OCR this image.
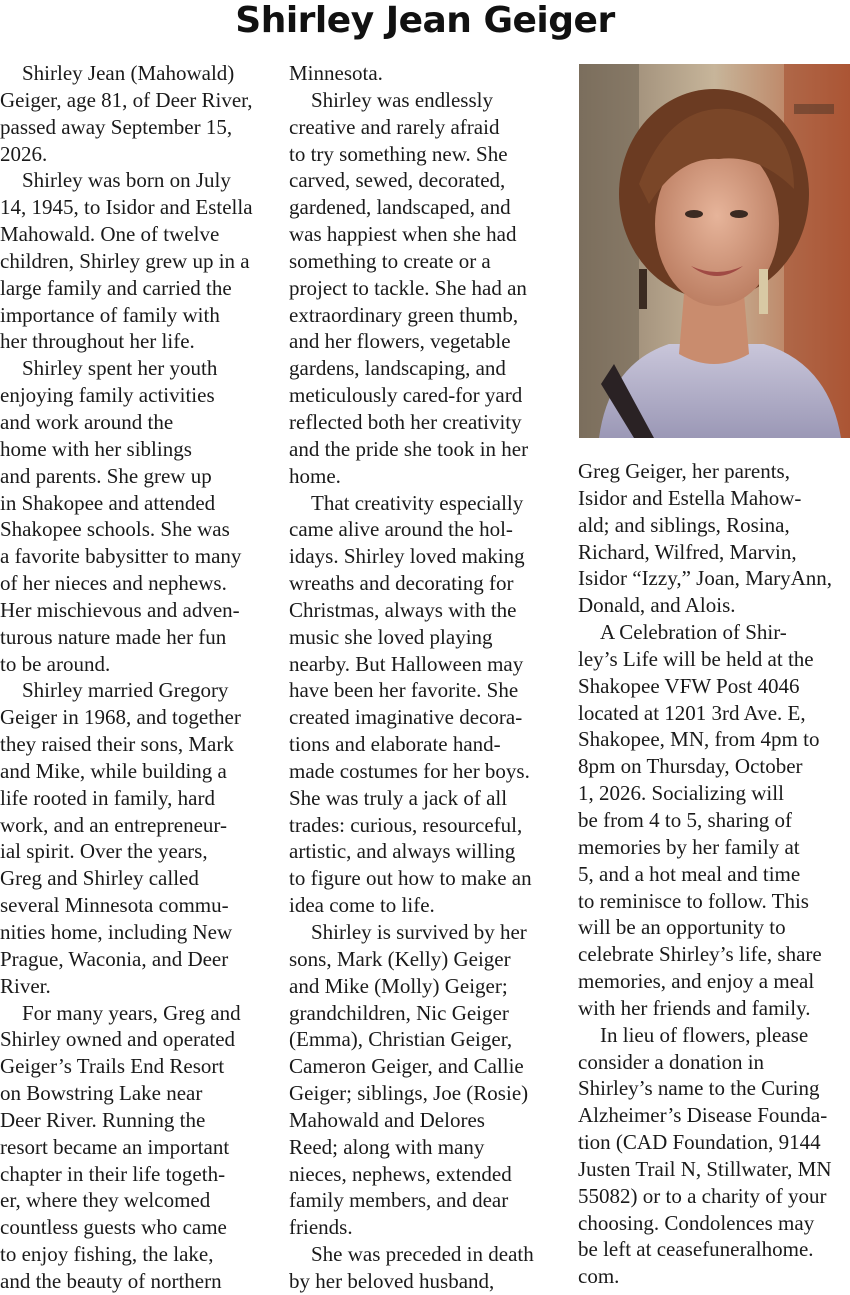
Shirley Jean Geiger
Shirley Jean (Mahowald)
Geiger, age 81, of Deer River,
passed away September 15,
2026.
Shirley was born on July
14, 1945, to Isidor and Estella
Mahowald. One of twelve
children, Shirley grew up in a
large family and carried the
importance of family with
her throughout her life.
Shirley spent her youth
enjoying family activities
and work around the
home with her siblings
and parents. She grew up
in Shakopee and attended
Shakopee schools. She was
a favorite babysitter to many
of her nieces and nephews.
Her mischievous and adven-
turous nature made her fun
to be around.
Shirley married Gregory
Geiger in 1968, and together
they raised their sons, Mark
and Mike, while building a
life rooted in family, hard
work, and an entrepreneur-
ial spirit. Over the years,
Greg and Shirley called
several Minnesota commu-
nities home, including New
Prague, Waconia, and Deer
River.
For many years, Greg and
Shirley owned and operated
Geiger’s Trails End Resort
on Bowstring Lake near
Deer River. Running the
resort became an important
chapter in their life togeth-
er, where they welcomed
countless guests who came
to enjoy fishing, the lake,
and the beauty of northern
Minnesota.
Shirley was endlessly
creative and rarely afraid
to try something new. She
carved, sewed, decorated,
gardened, landscaped, and
was happiest when she had
something to create or a
project to tackle. She had an
extraordinary green thumb,
and her flowers, vegetable
gardens, landscaping, and
meticulously cared-for yard
reflected both her creativity
and the pride she took in her
home.
That creativity especially
came alive around the hol-
idays. Shirley loved making
wreaths and decorating for
Christmas, always with the
music she loved playing
nearby. But Halloween may
have been her favorite. She
created imaginative decora-
tions and elaborate hand-
made costumes for her boys.
She was truly a jack of all
trades: curious, resourceful,
artistic, and always willing
to figure out how to make an
idea come to life.
Shirley is survived by her
sons, Mark (Kelly) Geiger
and Mike (Molly) Geiger;
grandchildren, Nic Geiger
(Emma), Christian Geiger,
Cameron Geiger, and Callie
Geiger; siblings, Joe (Rosie)
Mahowald and Delores
Reed; along with many
nieces, nephews, extended
family members, and dear
friends.
She was preceded in death
by her beloved husband,
Greg Geiger, her parents,
Isidor and Estella Mahow-
ald; and siblings, Rosina,
Richard, Wilfred, Marvin,
Isidor “Izzy,” Joan, MaryAnn,
Donald, and Alois.
A Celebration of Shir-
ley’s Life will be held at the
Shakopee VFW Post 4046
located at 1201 3rd Ave. E,
Shakopee, MN, from 4pm to
8pm on Thursday, October
1, 2026. Socializing will
be from 4 to 5, sharing of
memories by her family at
5, and a hot meal and time
to reminisce to follow. This
will be an opportunity to
celebrate Shirley’s life, share
memories, and enjoy a meal
with her friends and family.
In lieu of flowers, please
consider a donation in
Shirley’s name to the Curing
Alzheimer’s Disease Founda-
tion (CAD Foundation, 9144
Justen Trail N, Stillwater, MN
55082) or to a charity of your
choosing. Condolences may
be left at ceasefuneralhome.
com.
